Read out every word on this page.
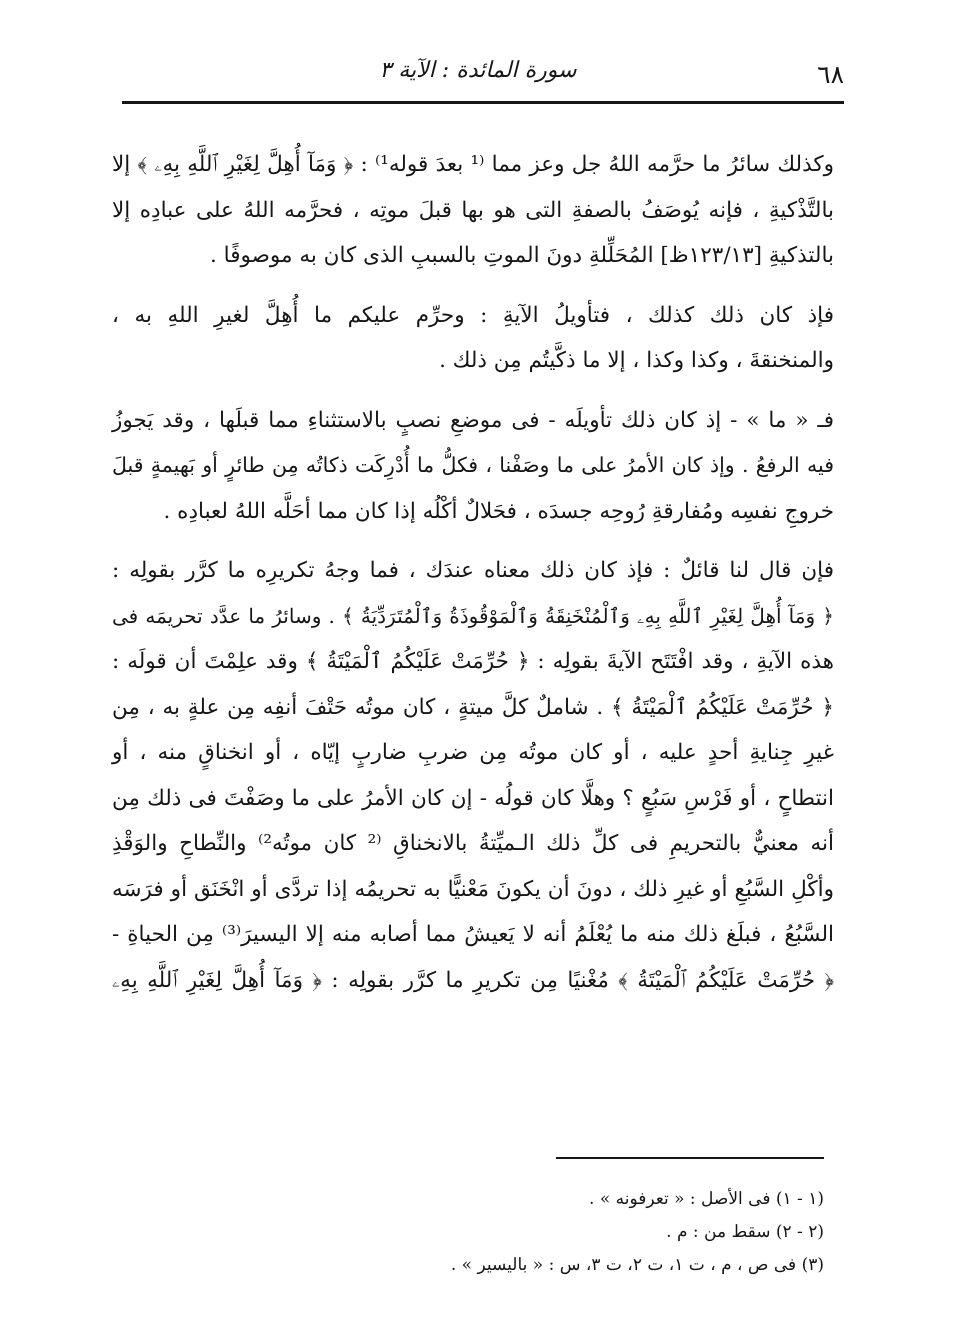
٦٨
سورة المائدة : الآية ٣

وكذلك سائرُ ما حرَّمه اللهُ جل وعز مما ⁽¹ بعدَ قوله¹⁾ : ﴿ وَمَآ أُهِلَّ لِغَيْرِ ٱللَّهِ بِهِۦ ﴾ إلا
بالتَّذْكيةِ ، فإنه يُوصَفُ بالصفةِ التى هو بها قبلَ موتِه ، فحرَّمه اللهُ على عبادِه إلا
بالتذكيةِ [١٢٣/١٣ظ] المُحَلِّلةِ دونَ الموتِ بالسببِ الذى كان به موصوفًا .

فإذ كان ذلك كذلك ، فتأويلُ الآيةِ : وحرِّم عليكم ما أُهِلَّ لغيرِ اللهِ به ،
والمنخنقةَ ، وكذا وكذا ، إلا ما ذكَّيتُم مِن ذلك .

فـ « ما » - إذ كان ذلك تأويلَه - فى موضعِ نصبٍ بالاستثناءِ مما قبلَها ، وقد يَجوزُ
فيه الرفعُ . وإذ كان الأمرُ على ما وصَفْنا ، فكلُّ ما أُدْرِكَت ذكاتُه مِن طائرٍ أو بَهيمةٍ قبلَ
خروجِ نفسِه ومُفارقةِ رُوحِه جسدَه ، فحَلالٌ أكْلُه إذا كان مما أحَلَّه اللهُ لعبادِه .

فإن قال لنا قائلٌ : فإذ كان ذلك معناه عندَك ، فما وجهُ تكريرِه ما كرَّر بقولِه :
﴿ وَمَآ أُهِلَّ لِغَيْرِ ٱللَّهِ بِهِۦ وَٱلْمُنْخَنِقَةُ وَٱلْمَوْقُوذَةُ وَٱلْمُتَرَدِّيَةُ ﴾ . وسائرُ ما عدَّد تحريمَه فى
هذه الآيةِ ، وقد افْتَتَح الآيةَ بقولِه : ﴿ حُرِّمَتْ عَلَيْكُمُ ٱلْمَيْتَةُ ﴾ وقد علِمْتَ أن قولَه :
﴿ حُرِّمَتْ عَلَيْكُمُ ٱلْمَيْتَةُ ﴾ . شاملٌ كلَّ ميتةٍ ، كان موتُه حَتْفَ أنفِه مِن علةٍ به ، مِن
غيرِ جِنايةِ أحدٍ عليه ، أو كان موتُه مِن ضربِ ضاربٍ إيّاه ، أو انخناقٍ منه ، أو
انتطاحٍ ، أو فَرْسِ سَبُعٍ ؟ وهلَّا كان قولُه - إن كان الأمرُ على ما وصَفْتَ فى ذلك مِن
أنه معنيٌّ بالتحريمِ فى كلِّ ذلك الـميِّتةُ بالانخناقِ ⁽² كان موتُه²⁾ والنِّطاحِ والوَقْذِ
وأكْلِ السَّبُعِ أو غيرِ ذلك ، دونَ أن يكونَ مَعْنيًّا به تحريمُه إذا تردَّى أو انْخَنَق أو فرَسَه
السَّبُعُ ، فبلَغ ذلك منه ما يُعْلَمُ أنه لا يَعيشُ مما أصابه منه إلا اليسيرَ⁽³⁾ مِن الحياةِ -
﴿ حُرِّمَتْ عَلَيْكُمُ ٱلْمَيْتَةُ ﴾ مُغْنيًا مِن تكريرِ ما كرَّر بقولِه : ﴿ وَمَآ أُهِلَّ لِغَيْرِ ٱللَّهِ بِهِۦ

(١ - ١) فى الأصل : « تعرفونه » .
(٢ - ٢) سقط من : م .
(٣) فى ص ، م ، ت ١، ت ٢، ت ٣، س : « باليسير » .
